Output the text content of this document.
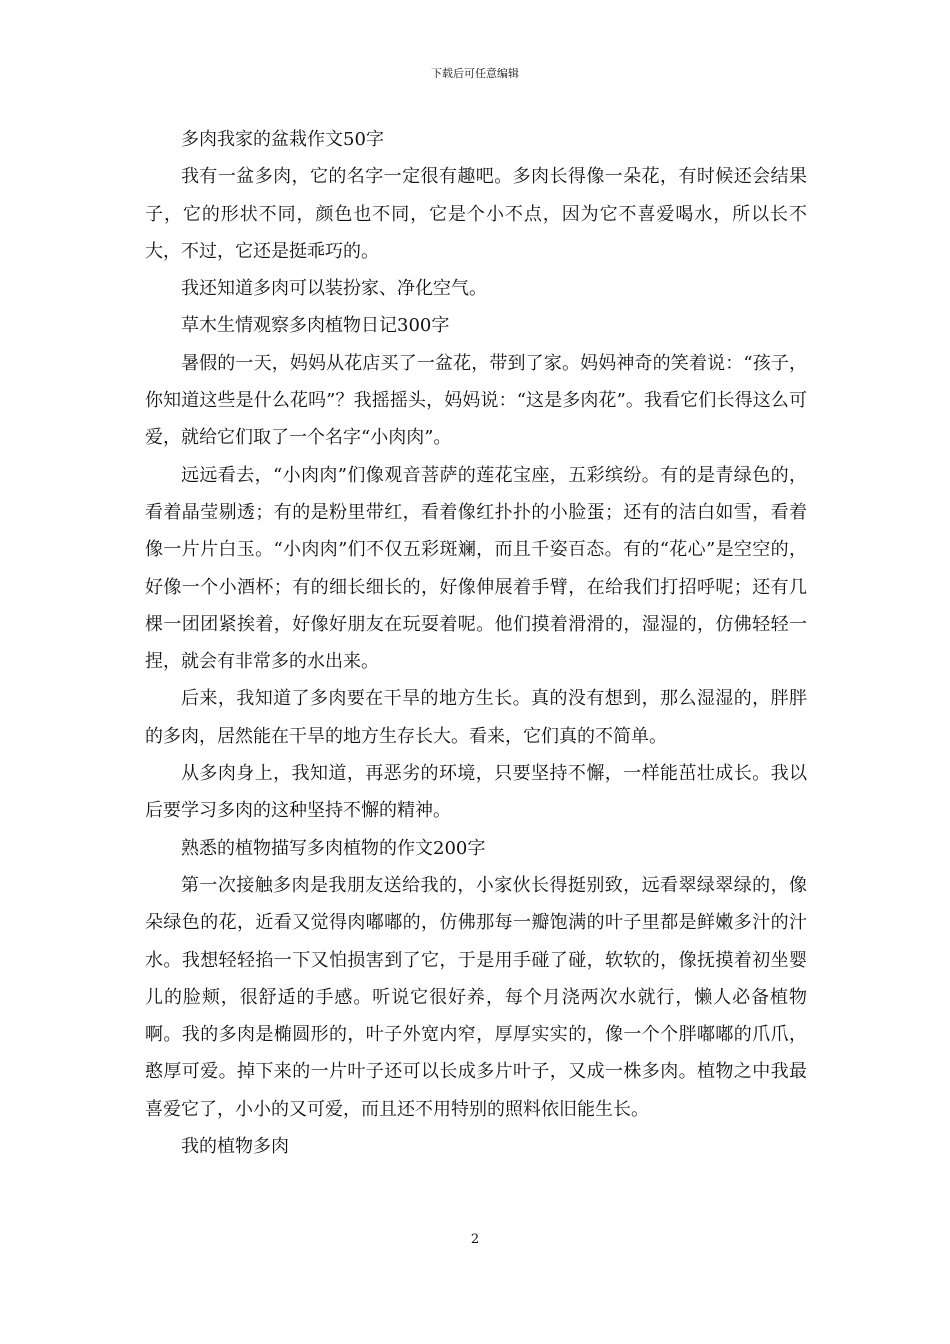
下载后可任意编辑

多肉我家的盆栽作文50字

我有一盆多肉，它的名字一定很有趣吧。多肉长得像一朵花，有时候还会结果子，它的形状不同，颜色也不同，它是个小不点，因为它不喜爱喝水，所以长不大，不过，它还是挺乖巧的。

我还知道多肉可以装扮家、净化空气。

草木生情观察多肉植物日记300字

暑假的一天，妈妈从花店买了一盆花，带到了家。妈妈神奇的笑着说：“孩子，你知道这些是什么花吗”？我摇摇头，妈妈说：“这是多肉花”。我看它们长得这么可爱，就给它们取了一个名字“小肉肉”。

远远看去，“小肉肉”们像观音菩萨的莲花宝座，五彩缤纷。有的是青绿色的，看着晶莹剔透；有的是粉里带红，看着像红扑扑的小脸蛋；还有的洁白如雪，看着像一片片白玉。“小肉肉”们不仅五彩斑斓，而且千姿百态。有的“花心”是空空的，好像一个小酒杯；有的细长细长的，好像伸展着手臂，在给我们打招呼呢；还有几棵一团团紧挨着，好像好朋友在玩耍着呢。他们摸着滑滑的，湿湿的，仿佛轻轻一捏，就会有非常多的水出来。

后来，我知道了多肉要在干旱的地方生长。真的没有想到，那么湿湿的，胖胖的多肉，居然能在干旱的地方生存长大。看来，它们真的不简单。

从多肉身上，我知道，再恶劣的环境，只要坚持不懈，一样能茁壮成长。我以后要学习多肉的这种坚持不懈的精神。

熟悉的植物描写多肉植物的作文200字

第一次接触多肉是我朋友送给我的，小家伙长得挺别致，远看翠绿翠绿的，像朵绿色的花，近看又觉得肉嘟嘟的，仿佛那每一瓣饱满的叶子里都是鲜嫩多汁的汁水。我想轻轻掐一下又怕损害到了它，于是用手碰了碰，软软的，像抚摸着初坐婴儿的脸颊，很舒适的手感。听说它很好养，每个月浇两次水就行，懒人必备植物啊。我的多肉是椭圆形的，叶子外宽内窄，厚厚实实的，像一个个胖嘟嘟的爪爪，憨厚可爱。掉下来的一片叶子还可以长成多片叶子，又成一株多肉。植物之中我最喜爱它了，小小的又可爱，而且还不用特别的照料依旧能生长。

我的植物多肉

2
